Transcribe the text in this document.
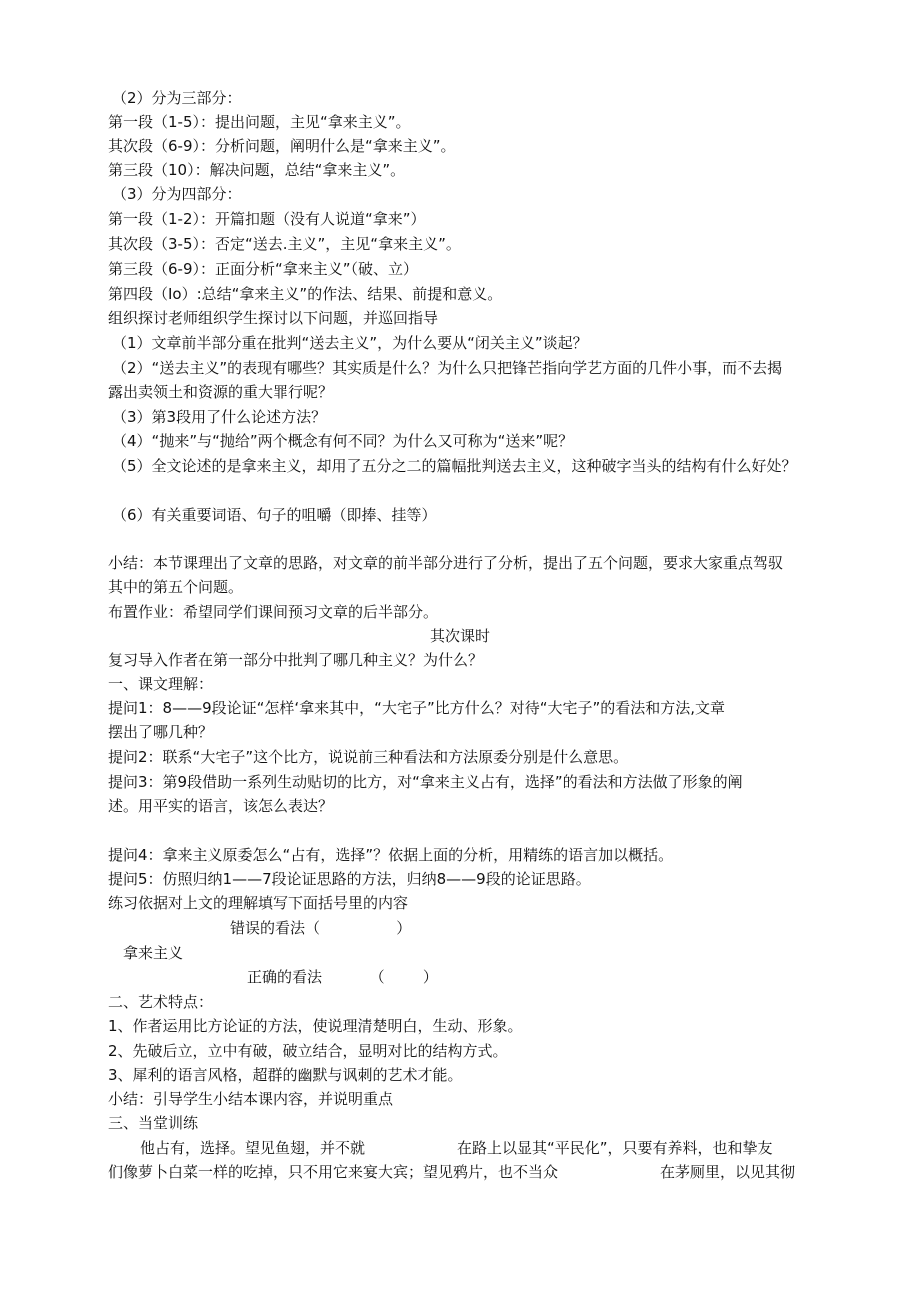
（2）分为三部分：
第一段（1-5）：提出问题，主见“拿来主义”。
其次段（6-9）：分析问题，阐明什么是“拿来主义”。
第三段（10）：解决问题，总结“拿来主义”。
（3）分为四部分：
第一段（1-2）：开篇扣题（没有人说道“拿来”）
其次段（3-5）：否定“送去.主义”，主见“拿来主义”。
第三段（6-9）：正面分析“拿来主义”（破、立）
第四段（Io）:总结“拿来主义”的作法、结果、前提和意义。
组织探讨老师组织学生探讨以下问题，并巡回指导
（1）文章前半部分重在批判“送去主义”，为什么要从“闭关主义”谈起？
（2）“送去主义”的表现有哪些？其实质是什么？为什么只把锋芒指向学艺方面的几件小事，而不去揭
露出卖领土和资源的重大罪行呢？
（3）第3段用了什么论述方法？
（4）“抛来”与“抛给”两个概念有何不同？为什么又可称为“送来”呢？
（5）全文论述的是拿来主义，却用了五分之二的篇幅批判送去主义，这种破字当头的结构有什么好处？
（6）有关重要词语、句子的咀嚼（即捧、挂等）
小结：本节课理出了文章的思路，对文章的前半部分进行了分析，提出了五个问题，要求大家重点驾驭
其中的第五个问题。
布置作业：希望同学们课间预习文章的后半部分。
其次课时
复习导入作者在第一部分中批判了哪几种主义？为什么？
一、课文理解：
提问1：8——9段论证“怎样‘拿来其中，“大宅子”比方什么？对待“大宅子”的看法和方法,文章
摆出了哪几种？
提问2：联系“大宅子”这个比方，说说前三种看法和方法原委分别是什么意思。
提问3：第9段借助一系列生动贴切的比方，对“拿来主义占有，选择”的看法和方法做了形象的阐
述。用平实的语言，该怎么表达？
提问4：拿来主义原委怎么“占有，选择”？依据上面的分析，用精练的语言加以概括。
提问5：仿照归纳1——7段论证思路的方法，归纳8——9段的论证思路。
练习依据对上文的理解填写下面括号里的内容
错误的看法（                ）
拿来主义
正确的看法          （        ）
二、艺术特点：
1、作者运用比方论证的方法，使说理清楚明白，生动、形象。
2、先破后立，立中有破，破立结合，显明对比的结构方式。
3、犀利的语言风格，超群的幽默与讽刺的艺术才能。
小结：引导学生小结本课内容，并说明重点
三、当堂训练
他占有，选择。望见鱼翅，并不就	在路上以显其“平民化”，只要有养料，也和挚友
们像萝卜白菜一样的吃掉，只不用它来宴大宾；望见鸦片，也不当众	在茅厕里，以见其彻
